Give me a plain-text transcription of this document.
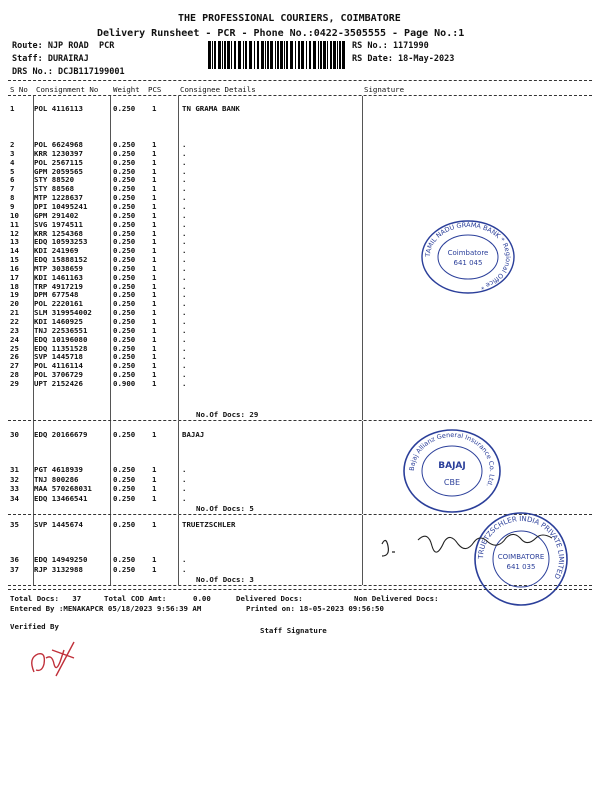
THE PROFESSIONAL COURIERS, COIMBATORE
Delivery Runsheet - PCR - Phone No.:0422-3505555 - Page No.:1
Route: NJP ROAD  PCR
Staff: DURAIRAJ
DRS No.: DCJB117199001
RS No.: 1171990
RS Date: 18-May-2023
S No Consignment No Weight PCS	Consignee Details	Signature
1	POL 4116113	0.250 1	TN GRAMA BANK
2	POL 6624968	0.250 1	.
3	KRR 1230397	0.250 1	.
4	POL 2567115	0.250 1	.
5	GPM 2059565	0.250 1	.
6	STY 88520	0.250 1	.
7	STY 88568	0.250 1	.
8	MTP 1228637	0.250 1	.
9	DPI 10495241	0.250 1	.
10 GPM 291402	0.250 1	.
11 SVG 1974511	0.250 1	.
12 KRR 1254368	0.250 1	.
13 EDQ 10593253	0.250 1	.
14 KDI 241969	0.250 1	.
15 EDQ 15888152	0.250 1	.
16 MTP 3038659	0.250 1	.
17 KDI 1461163	0.250 1	.
18 TRP 4917219	0.250 1	.
19 DPM 677548	0.250 1	.
20 POL 2220161	0.250 1	.
21 SLM 319954002	0.250 1	.
22 KDI 1460925	0.250 1	.
23 TNJ 22536551	0.250 1	.
24 EDQ 10196080	0.250 1	.
25 EDQ 11351528	0.250 1	.
26 SVP 1445718	0.250 1	.
27 POL 4116114	0.250 1	.
28 POL 3706729	0.250 1	.
29 UPT 2152426	0.900 1	.
No.Of Docs: 29
30 EDQ 20166679	0.250 1	BAJAJ
31 PGT 4618939	0.250 1	.
32 TNJ 800286	0.250 1	.
33 MAA 570268031	0.250 1	.
34 EDQ 13466541	0.250 1	.
No.Of Docs: 5
35 SVP 1445674	0.250 1	TRUETZSCHLER
36 EDQ 14949250	0.250 1	.
37 RJP 3132988	0.250 1	.
No.Of Docs: 3
TAMIL NADU GRAMA BANK * Regional Office *
Coimbatore
641 045
Bajaj Allianz General Insurance Co. Ltd.
BAJAJ
CBE
TRUETZSCHLER INDIA PRIVATE LIMITED
COIMBATORE
641 035
Total Docs:   37	Total COD Amt:      0.00	Delivered Docs:	Non Delivered Docs:
Entered By :MENAKAPCR 05/18/2023 9:56:39 AM	Printed on: 18-05-2023 09:56:50
Verified By	Staff Signature
